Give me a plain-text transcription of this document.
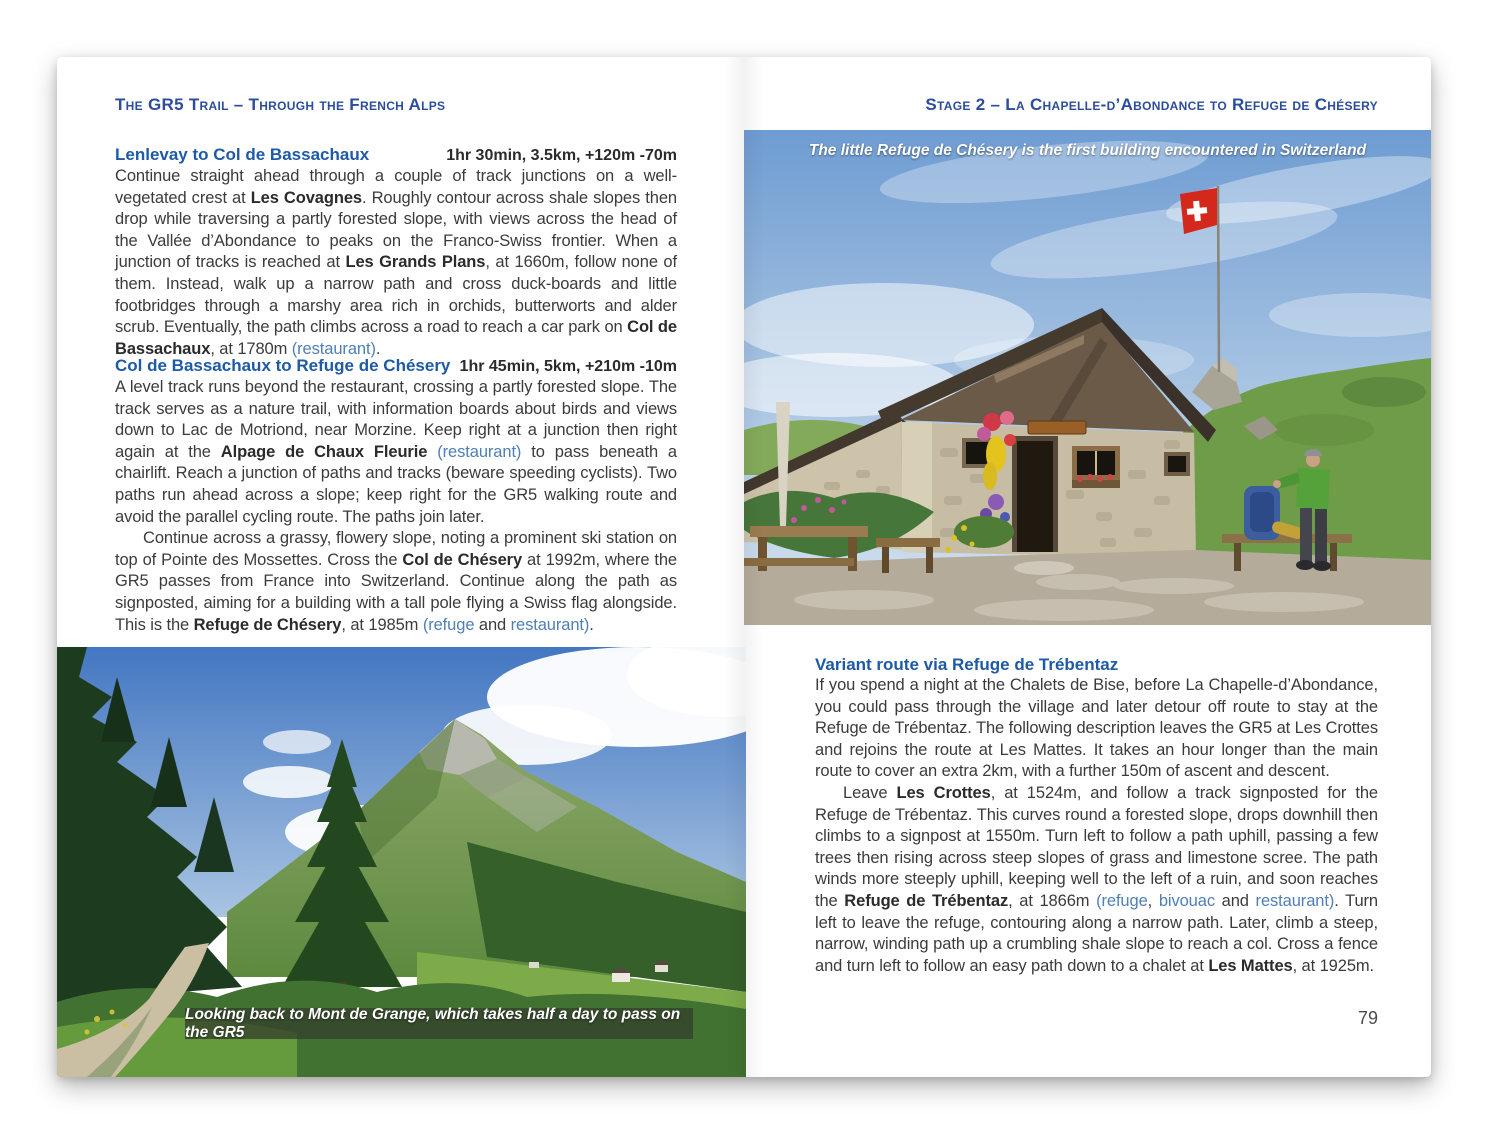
The GR5 Trail – Through the French Alps
Lenlevay to Col de Bassachaux	1hr 30min, 3.5km, +120m -70m

Continue straight ahead through a couple of track junctions on a well-vegetated crest at Les Covagnes. Roughly contour across shale slopes then drop while traversing a partly forested slope, with views across the head of the Vallée d’Abondance to peaks on the Franco-Swiss frontier. When a junction of tracks is reached at Les Grands Plans, at 1660m, follow none of them. Instead, walk up a narrow path and cross duck-boards and little footbridges through a marshy area rich in orchids, butterworts and alder scrub. Eventually, the path climbs across a road to reach a car park on Col de Bassachaux, at 1780m (restaurant).

Col de Bassachaux to Refuge de Chésery 1hr 45min, 5km, +210m -10m

A level track runs beyond the restaurant, crossing a partly forested slope. The track serves as a nature trail, with information boards about birds and views down to Lac de Motriond, near Morzine. Keep right at a junction then right again at the Alpage de Chaux Fleurie (restaurant) to pass beneath a chairlift. Reach a junction of paths and tracks (beware speeding cyclists). Two paths run ahead across a slope; keep right for the GR5 walking route and avoid the parallel cycling route. The paths join later.

Continue across a grassy, flowery slope, noting a prominent ski station on top of Pointe des Mossettes. Cross the Col de Chésery at 1992m, where the GR5 passes from France into Switzerland. Continue along the path as signposted, aiming for a building with a tall pole flying a Swiss flag alongside. This is the Refuge de Chésery, at 1985m (refuge and restaurant).

Looking back to Mont de Grange, which takes half a day to pass on the GR5
Stage 2 – La Chapelle-d’Abondance to Refuge de Chésery
The little Refuge de Chésery is the first building encountered in Switzerland
Variant route via Refuge de Trébentaz

If you spend a night at the Chalets de Bise, before La Chapelle-d’Abondance, you could pass through the village and later detour off route to stay at the Refuge de Trébentaz. The following description leaves the GR5 at Les Crottes and rejoins the route at Les Mattes. It takes an hour longer than the main route to cover an extra 2km, with a further 150m of ascent and descent.

Leave Les Crottes, at 1524m, and follow a track signposted for the Refuge de Trébentaz. This curves round a forested slope, drops downhill then climbs to a signpost at 1550m. Turn left to follow a path uphill, passing a few trees then rising across steep slopes of grass and limestone scree. The path winds more steeply uphill, keeping well to the left of a ruin, and soon reaches the Refuge de Trébentaz, at 1866m (refuge, bivouac and restaurant). Turn left to leave the refuge, contouring along a narrow path. Later, climb a steep, narrow, winding path up a crumbling shale slope to reach a col. Cross a fence and turn left to follow an easy path down to a chalet at Les Mattes, at 1925m.

79
